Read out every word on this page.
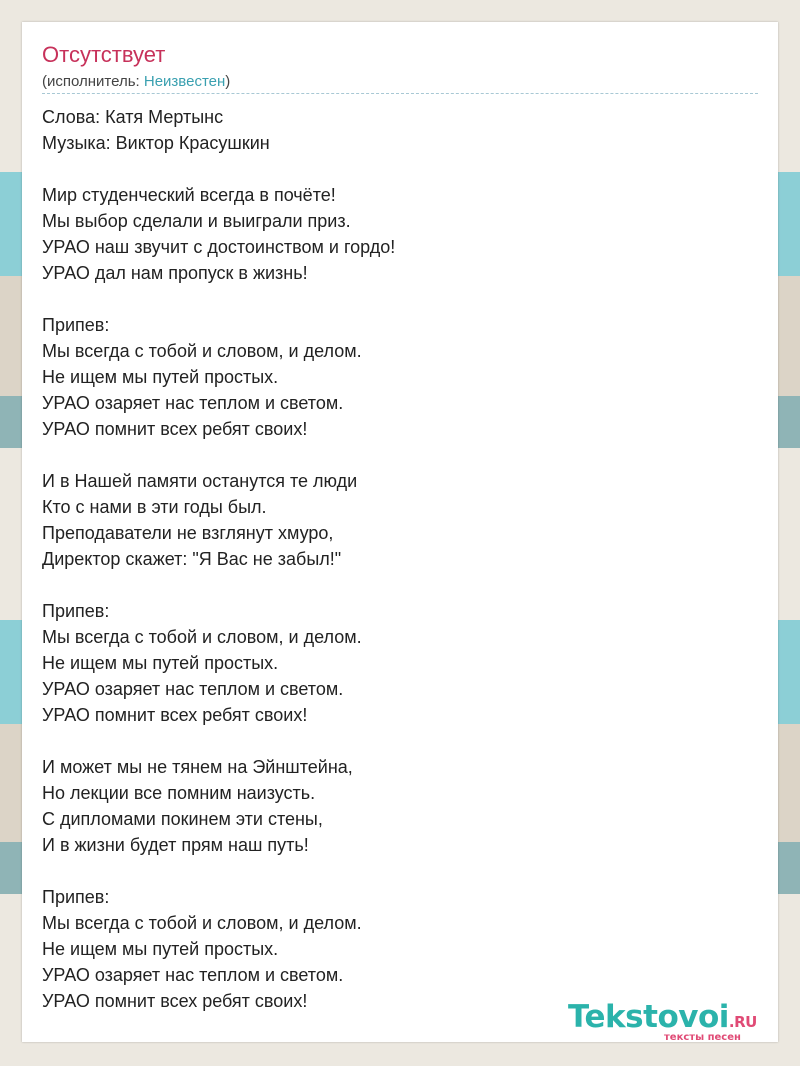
Отсутствует
(исполнитель: Неизвестен)
Слова: Катя Мертынс
Музыка: Виктор Красушкин
Мир студенческий всегда в почёте!
Мы выбор сделали и выиграли приз.
УРАО наш звучит с достоинством и гордо!
УРАО дал нам пропуск в жизнь!
Припев:
Мы всегда с тобой и словом, и делом.
Не ищем мы путей простых.
УРАО озаряет нас теплом и светом.
УРАО помнит всех ребят своих!
И в Нашей памяти останутся те люди
Кто с нами в эти годы был.
Преподаватели не взглянут хмуро,
Директор скажет: "Я Вас не забыл!"
Припев:
Мы всегда с тобой и словом, и делом.
Не ищем мы путей простых.
УРАО озаряет нас теплом и светом.
УРАО помнит всех ребят своих!
И может мы не тянем на Эйнштейна,
Но лекции все помним наизусть.
С дипломами покинем эти стены,
И в жизни будет прям наш путь!
Припев:
Мы всегда с тобой и словом, и делом.
Не ищем мы путей простых.
УРАО озаряет нас теплом и светом.
УРАО помнит всех ребят своих!	Tekstovoi.RU
тексты песен
